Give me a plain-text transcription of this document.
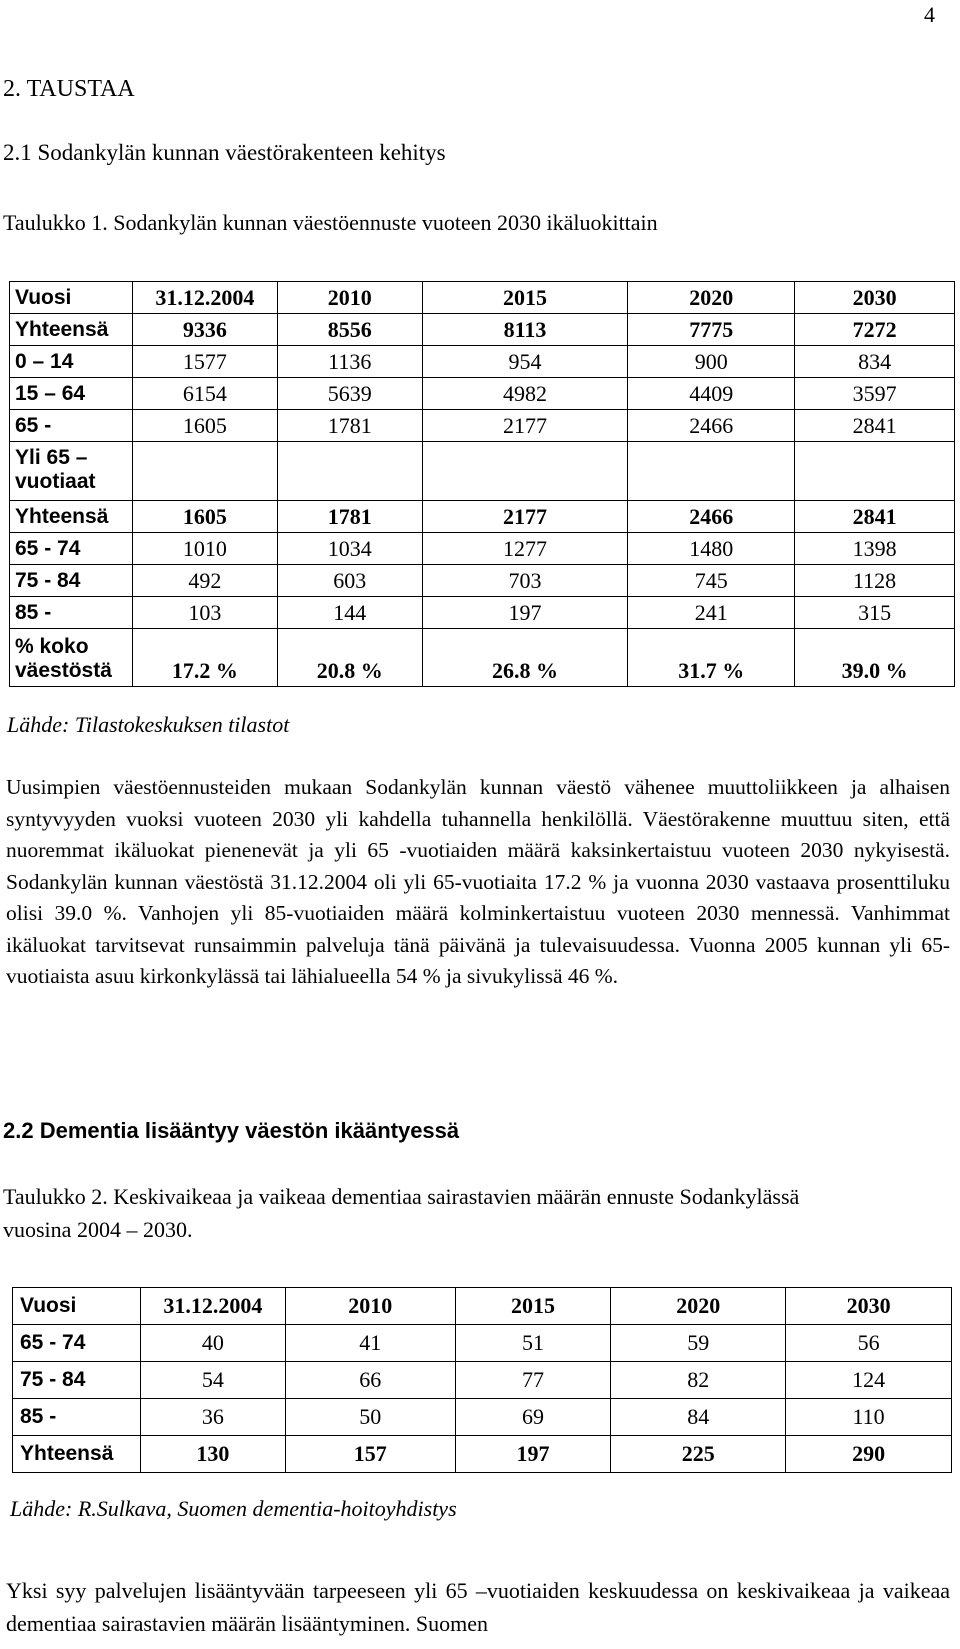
4
2. TAUSTAA
2.1 Sodankylän kunnan väestörakenteen kehitys
Taulukko 1. Sodankylän kunnan väestöennuste vuoteen 2030 ikäluokittain
Vuosi	31.12.2004	2010	2015	2020	2030
Yhteensä	9336	8556	8113	7775	7272
0 – 14	1577	1136	954	900	834
15 – 64	6154	5639	4982	4409	3597
65 -	1605	1781	2177	2466	2841
Yli 65 –
vuotiaat					
Yhteensä	1605	1781	2177	2466	2841
65 - 74	1010	1034	1277	1480	1398
75 - 84	492	603	703	745	1128
85 -	103	144	197	241	315
% koko
väestöstä	17.2 %	20.8 %	26.8 %	31.7 %	39.0 %
Lähde: Tilastokeskuksen tilastot
Uusimpien väestöennusteiden mukaan Sodankylän kunnan väestö vähenee muuttoliikkeen ja alhaisen syntyvyyden vuoksi vuoteen 2030 yli kahdella tuhannella henkilöllä. Väestörakenne muuttuu siten, että nuoremmat ikäluokat pienenevät ja yli 65 -vuotiaiden määrä kaksinkertaistuu vuoteen 2030 nykyisestä. Sodankylän kunnan väestöstä 31.12.2004 oli yli 65-vuotiaita 17.2 % ja vuonna 2030 vastaava prosenttiluku olisi 39.0 %. Vanhojen yli 85-vuotiaiden määrä kolminkertaistuu vuoteen 2030 mennessä. Vanhimmat ikäluokat tarvitsevat runsaimmin palveluja tänä päivänä ja tulevaisuudessa. Vuonna 2005 kunnan yli 65-vuotiaista asuu kirkonkylässä tai lähialueella 54 % ja sivukylissä 46 %.
2.2 Dementia lisääntyy väestön ikääntyessä
Taulukko 2. Keskivaikeaa ja vaikeaa dementiaa sairastavien määrän ennuste Sodankylässä vuosina 2004 – 2030.
Vuosi	31.12.2004	2010	2015	2020	2030
65 - 74	40	41	51	59	56
75 - 84	54	66	77	82	124
85 -	36	50	69	84	110
Yhteensä	130	157	197	225	290
Lähde: R.Sulkava, Suomen dementia-hoitoyhdistys
Yksi syy palvelujen lisääntyvään tarpeeseen yli 65 –vuotiaiden keskuudessa on keskivaikeaa ja vaikeaa dementiaa sairastavien määrän lisääntyminen. Suomen
